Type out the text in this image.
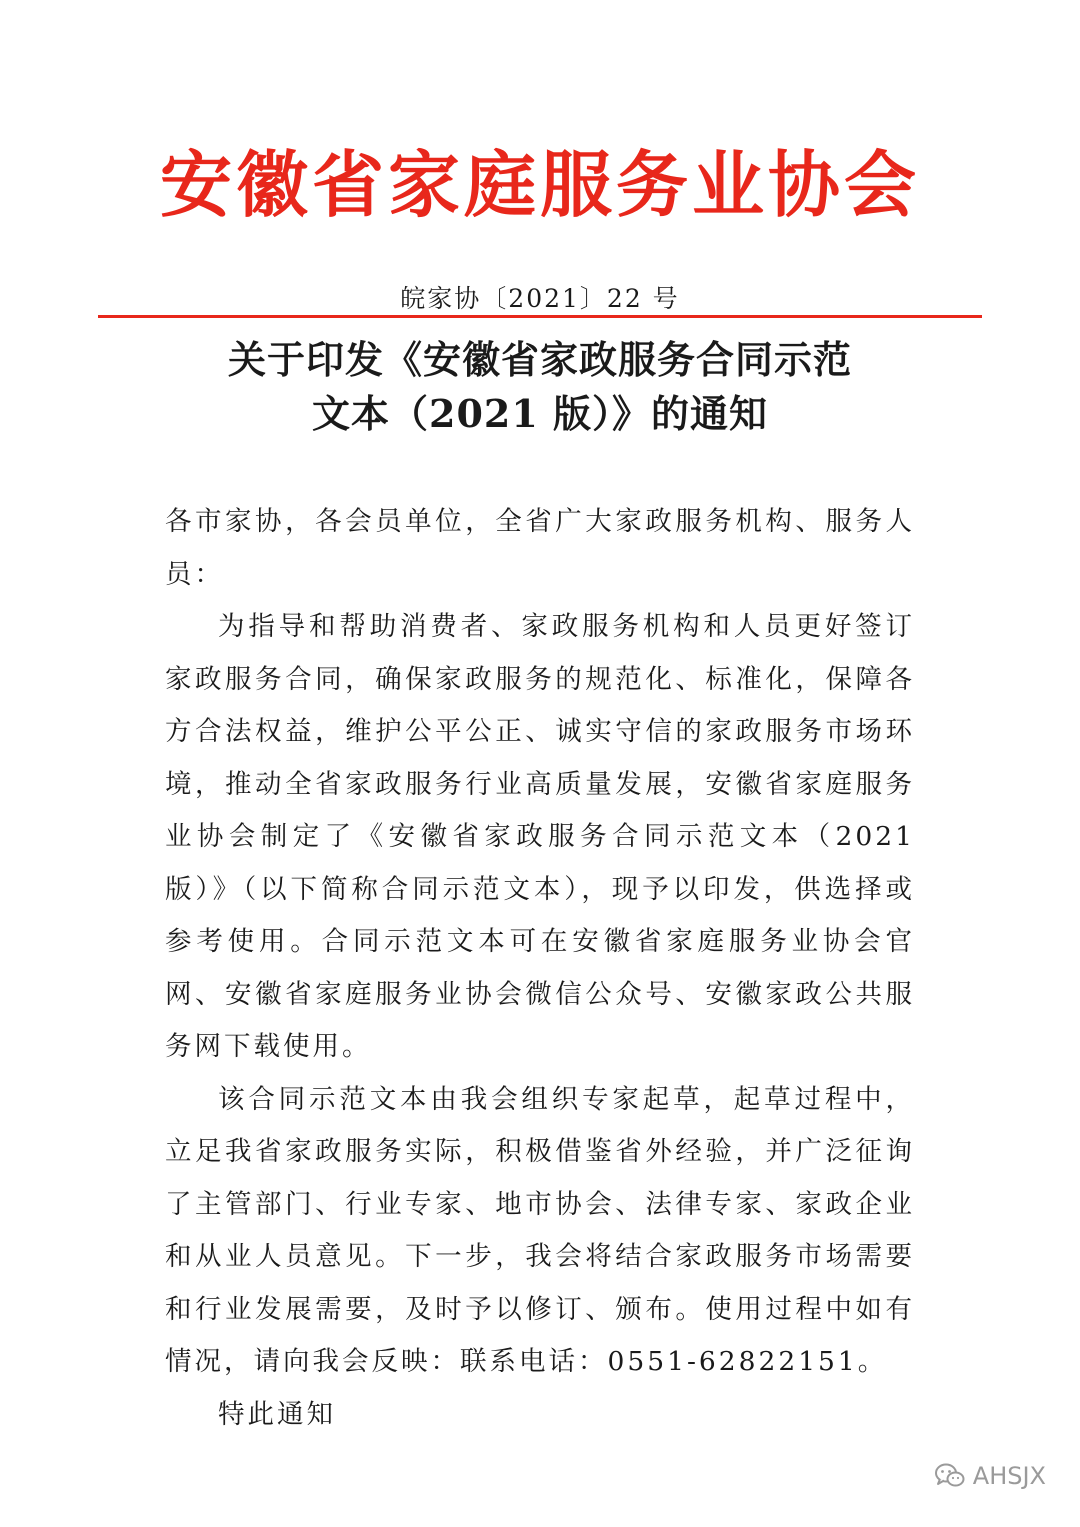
安徽省家庭服务业协会
皖家协〔2021〕22 号
关于印发《安徽省家政服务合同示范
文本（2021 版）》的通知

各市家协，各会员单位，全省广大家政服务机构、服务人员：

为指导和帮助消费者、家政服务机构和人员更好签订家政服务合同，确保家政服务的规范化、标准化，保障各方合法权益，维护公平公正、诚实守信的家政服务市场环境，推动全省家政服务行业高质量发展，安徽省家庭服务业协会制定了《安徽省家政服务合同示范文本（2021 版）》（以下简称合同示范文本），现予以印发，供选择或参考使用。合同示范文本可在安徽省家庭服务业协会官网、安徽省家庭服务业协会微信公众号、安徽家政公共服务网下载使用。

该合同示范文本由我会组织专家起草，起草过程中，立足我省家政服务实际，积极借鉴省外经验，并广泛征询了主管部门、行业专家、地市协会、法律专家、家政企业和从业人员意见。下一步，我会将结合家政服务市场需要和行业发展需要，及时予以修订、颁布。使用过程中如有情况，请向我会反映：联系电话：0551-62822151。

特此通知

AHSJX
